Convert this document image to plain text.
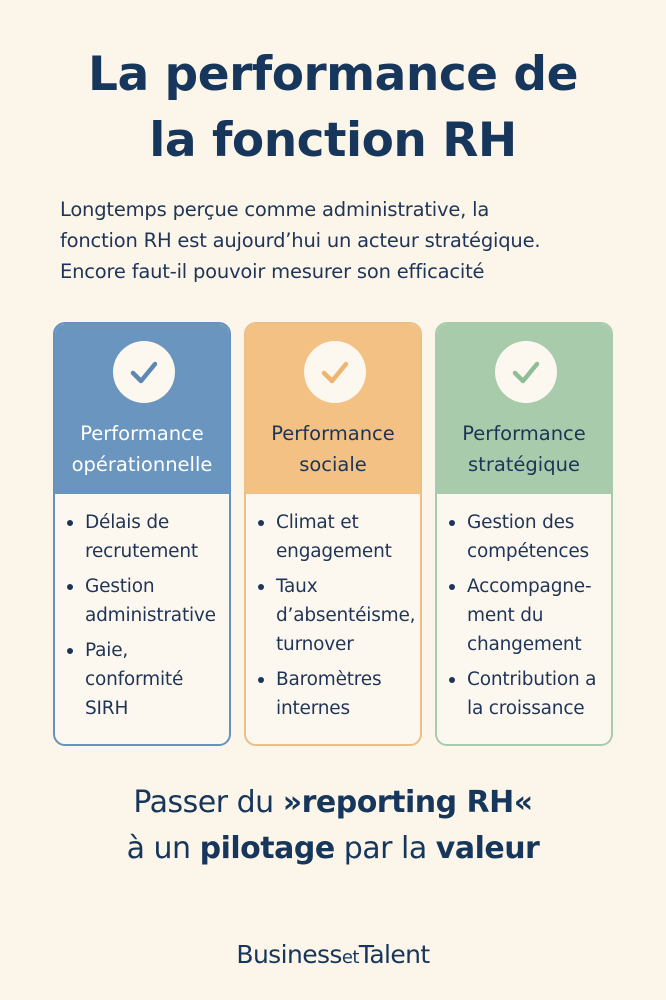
La performance de
la fonction RH
Longtemps perçue comme administrative, la
fonction RH est aujourd’hui un acteur stratégique.
Encore faut-il pouvoir mesurer son efficacité
Performance
opérationnelle
Délais de
recrutement
Gestion
administrative
Paie,
conformité
SIRH
Performance
sociale
Climat et
engagement
Taux
d’absentéisme,
turnover
Baromètres
internes
Performance
stratégique
Gestion des
compétences
Accompagne-
ment du
changement
Contribution a
la croissance
Passer du »reporting RH«
à un pilotage par la valeur
BusinessetTalent
